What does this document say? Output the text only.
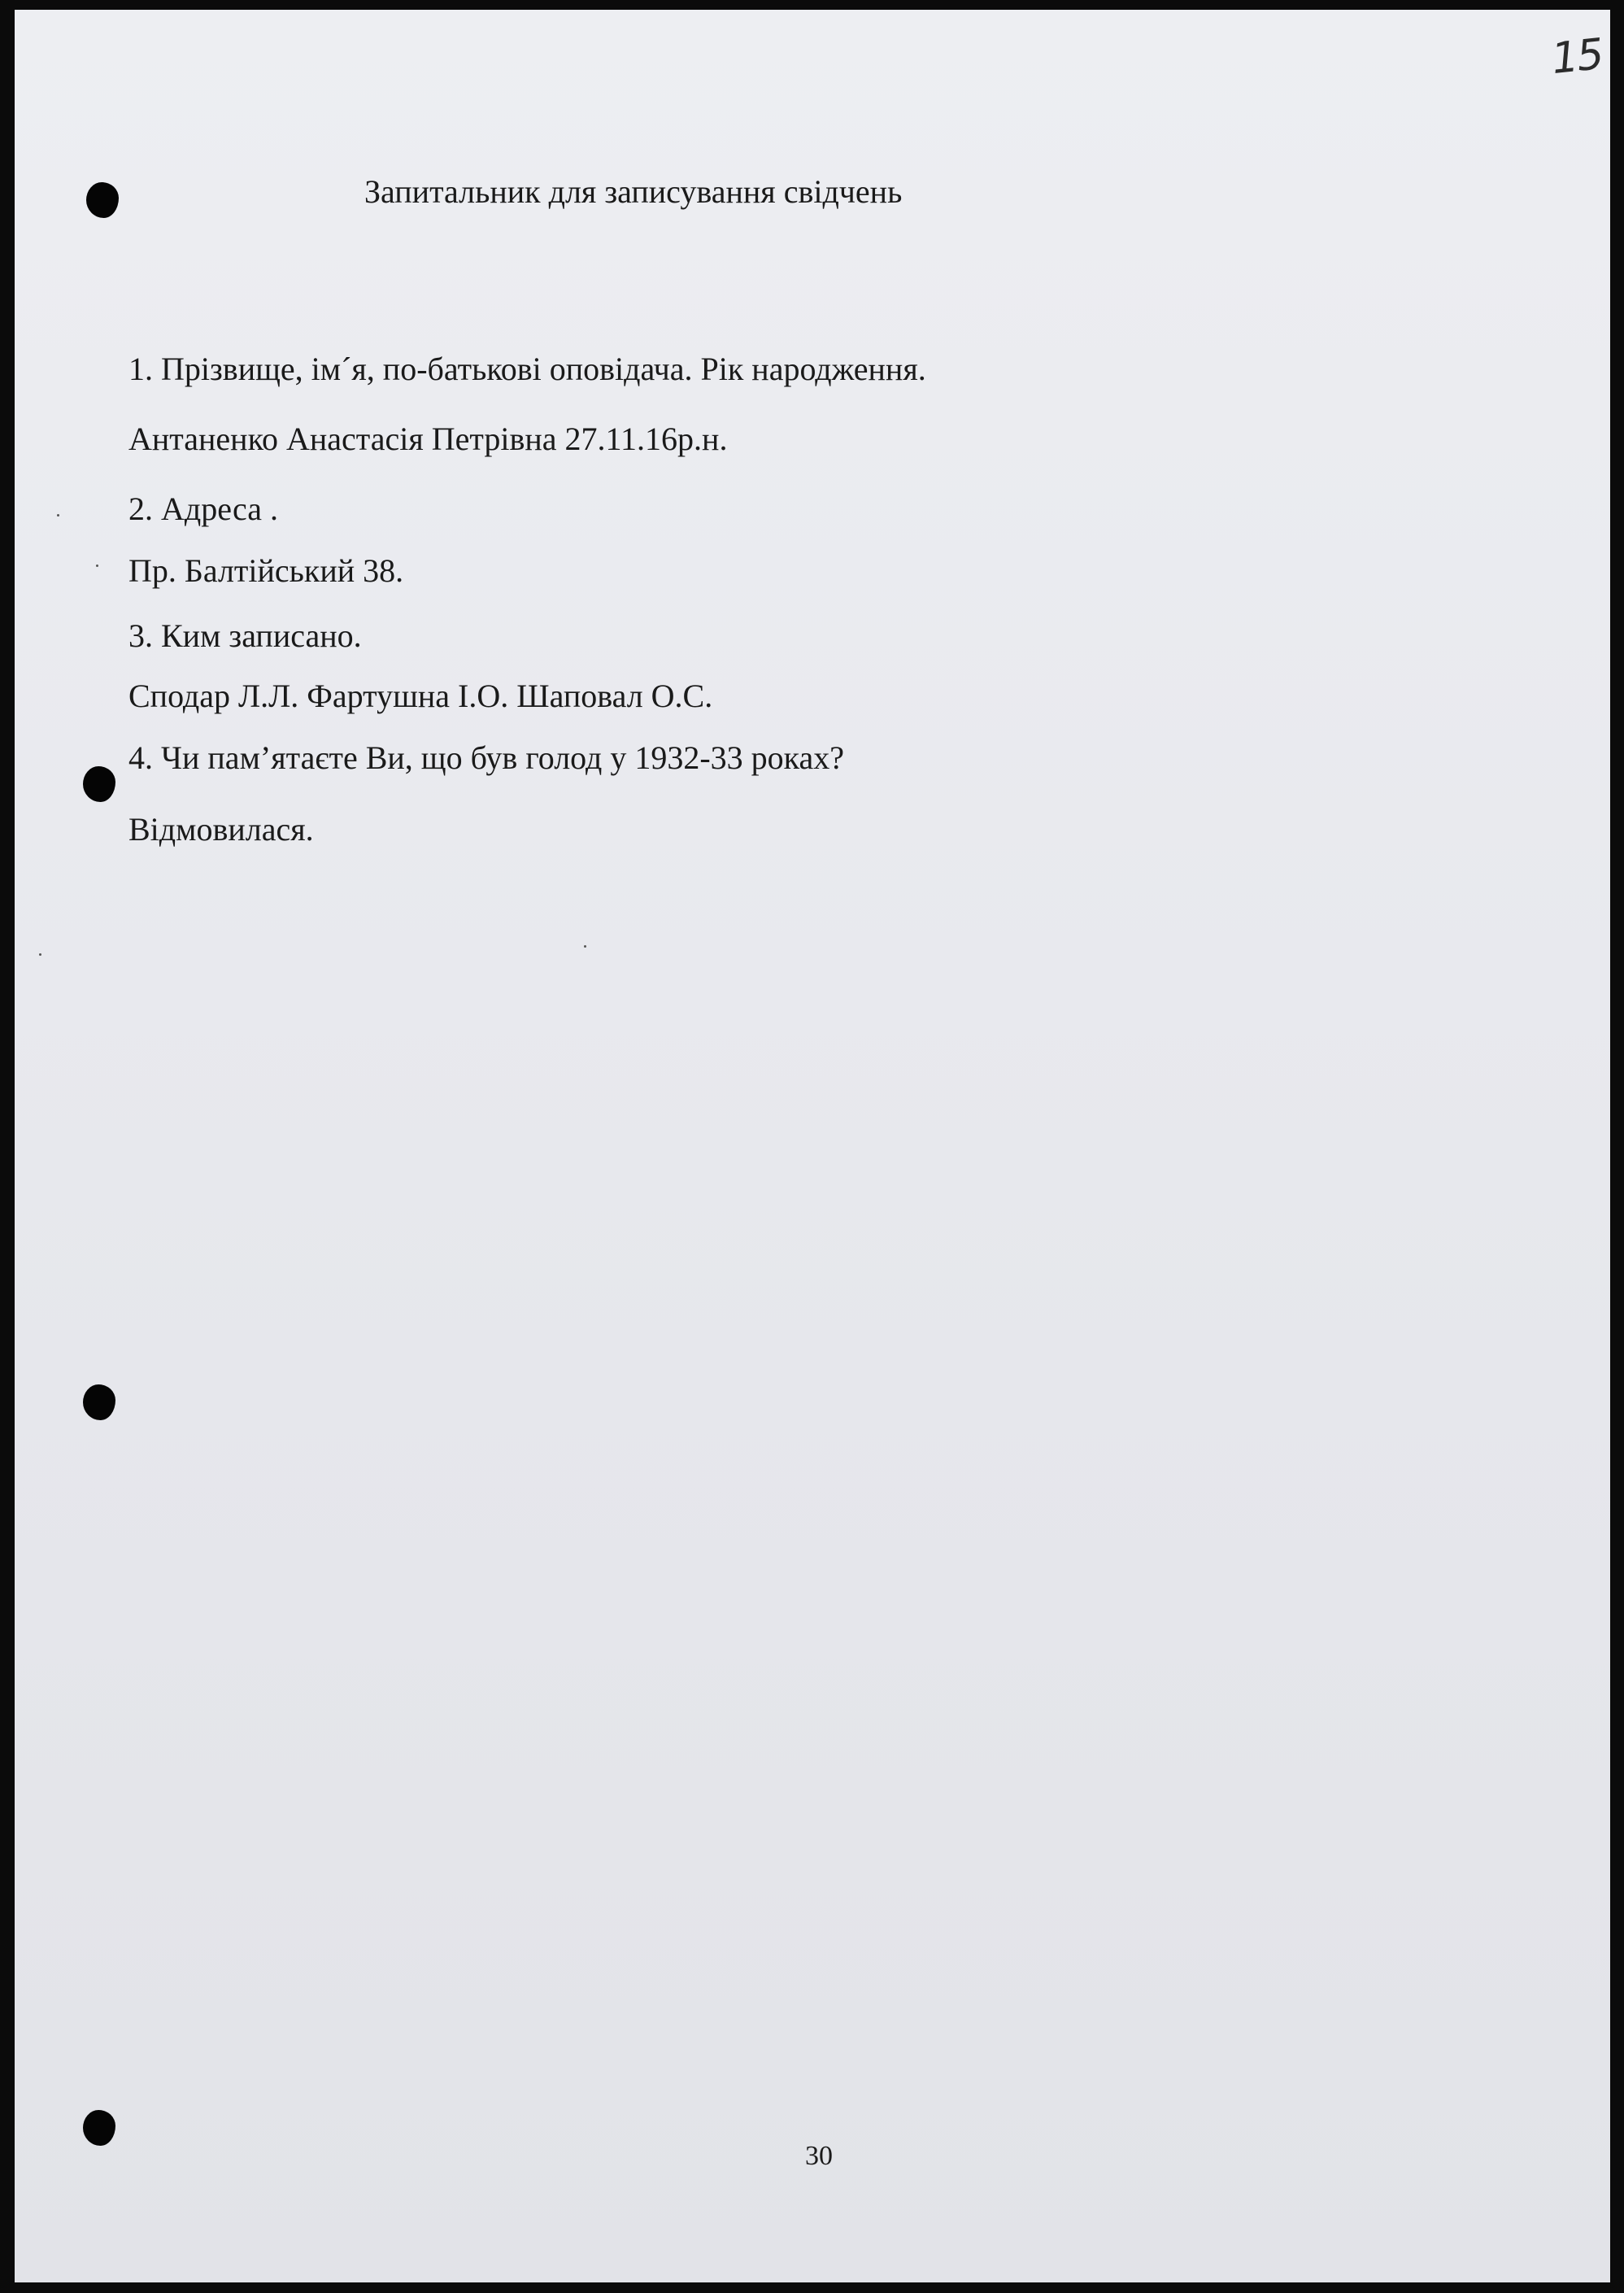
15
Запитальник для записування свідчень
1. Прізвище, ім´я, по-батькові оповідача. Рік народження.
Антаненко Анастасія Петрівна 27.11.16р.н.
2. Адреса .
Пр. Балтійський 38.
3. Ким записано.
Сподар Л.Л. Фартушна І.О. Шаповал О.С.
4. Чи пам’ятаєте Ви, що був голод у 1932-33 роках?
Відмовилася.
30
